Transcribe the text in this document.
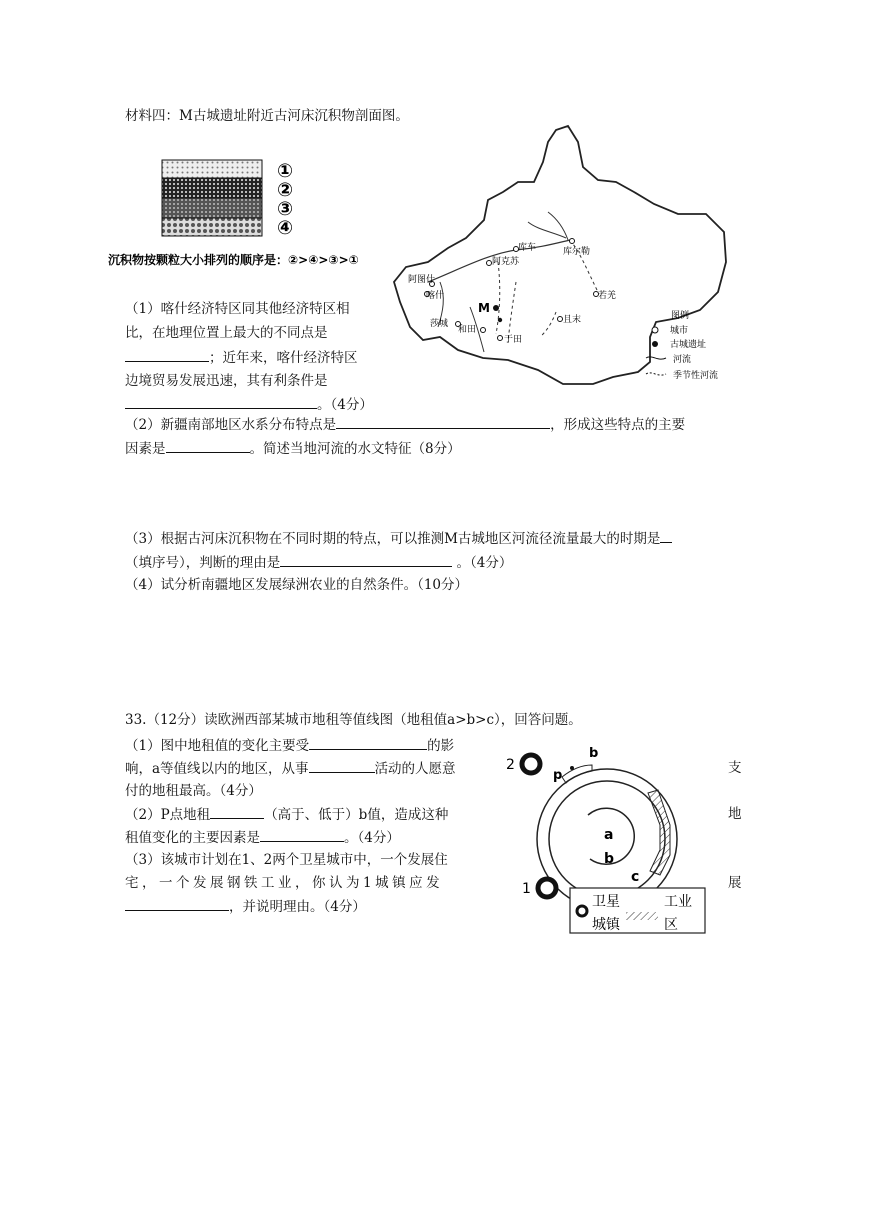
材料四：M古城遗址附近古河床沉积物剖面图。
①
②
③
④
沉积物按颗粒大小排列的顺序是：②>④>③>①
库车	库尔勒
阿克苏
阿图什
喀什
M
莎城
和田
于田
若羌
且末	图例
城市
古城遗址
河流
季节性河流
（1）喀什经济特区同其他经济特区相
比，在地理位置上最大的不同点是
；近年来，喀什经济特区
边境贸易发展迅速，其有利条件是
。（4分）
（2）新疆南部地区水系分布特点是	，形成这些特点的主要
因素是	。简述当地河流的水文特征（8分）
（3）根据古河床沉积物在不同时期的特点，可以推测M古城地区河流径流量最大的时期是
（填序号），判断的理由是	。（4分）
（4）试分析南疆地区发展绿洲农业的自然条件。（10分）
33.（12分）读欧洲西部某城市地租等值线图（地租值a>b>c），回答问题。
（1）图中地租值的变化主要受	的影
响，a等值线以内的地区，从事	活动的人愿意
付的地租最高。（4分）
（2）P点地租	（高于、低于）b值，造成这种
租值变化的主要因素是	。（4分）
（3）该城市计划在1、2两个卫星城市中，一个发展住
宅，一个发展钢铁工业，你认为1城镇应发
，并说明理由。（4分）
支
地
展
a
b
c
b
p
2
1
卫星
城镇
工业
区
